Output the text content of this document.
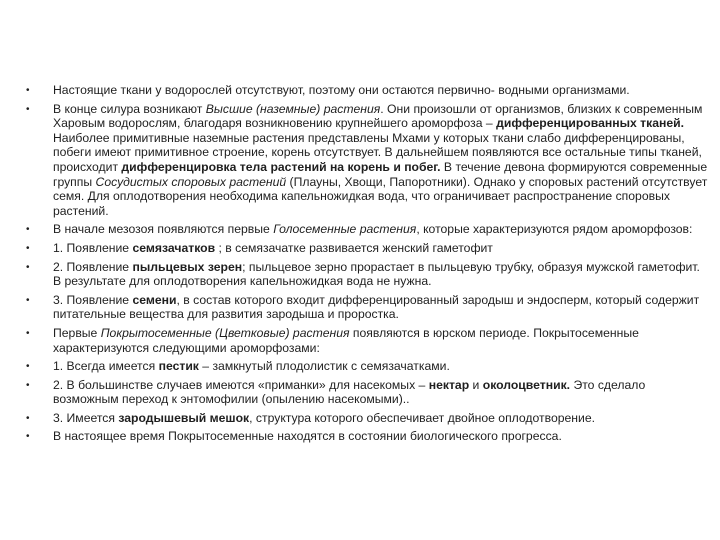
• Настоящие ткани у водорослей отсутствуют, поэтому они остаются первично- водными организмами.
• В конце силура возникают Высшие (наземные) растения. Они произошли от организмов, близких к современным Харовым водорослям, благодаря возникновению крупнейшего ароморфоза – дифференцированных тканей. Наиболее примитивные наземные растения представлены Мхами у которых ткани слабо дифференцированы, побеги имеют примитивное строение, корень отсутствует. В дальнейшем появляются все остальные типы тканей, происходит дифференцировка тела растений на корень и побег. В течение девона формируются современные группы Сосудистых споровых растений (Плауны, Хвощи, Папоротники). Однако у споровых растений отсутствует семя. Для оплодотворения необходима капельножидкая вода, что ограничивает распространение споровых растений.
• В начале мезозоя появляются первые Голосеменные растения, которые характеризуются рядом ароморфозов:
• 1. Появление семязачатков ; в семязачатке развивается женский гаметофит
• 2. Появление пыльцевых зерен; пыльцевое зерно прорастает в пыльцевую трубку, образуя мужской гаметофит. В результате для оплодотворения капельножидкая вода не нужна.
• 3. Появление семени, в состав которого входит дифференцированный зародыш и эндосперм, который содержит питательные вещества для развития зародыша и проростка.
• Первые Покрытосеменные (Цветковые) растения появляются в юрском периоде. Покрытосеменные характеризуются следующими ароморфозами:
• 1. Всегда имеется пестик – замкнутый плодолистик с семязачатками.
• 2. В большинстве случаев имеются «приманки» для насекомых – нектар и околоцветник. Это сделало возможным переход к энтомофилии (опылению насекомыми)..
• 3. Имеется зародышевый мешок, структура которого обеспечивает двойное оплодотворение.
• В настоящее время Покрытосеменные находятся в состоянии биологического прогресса.
